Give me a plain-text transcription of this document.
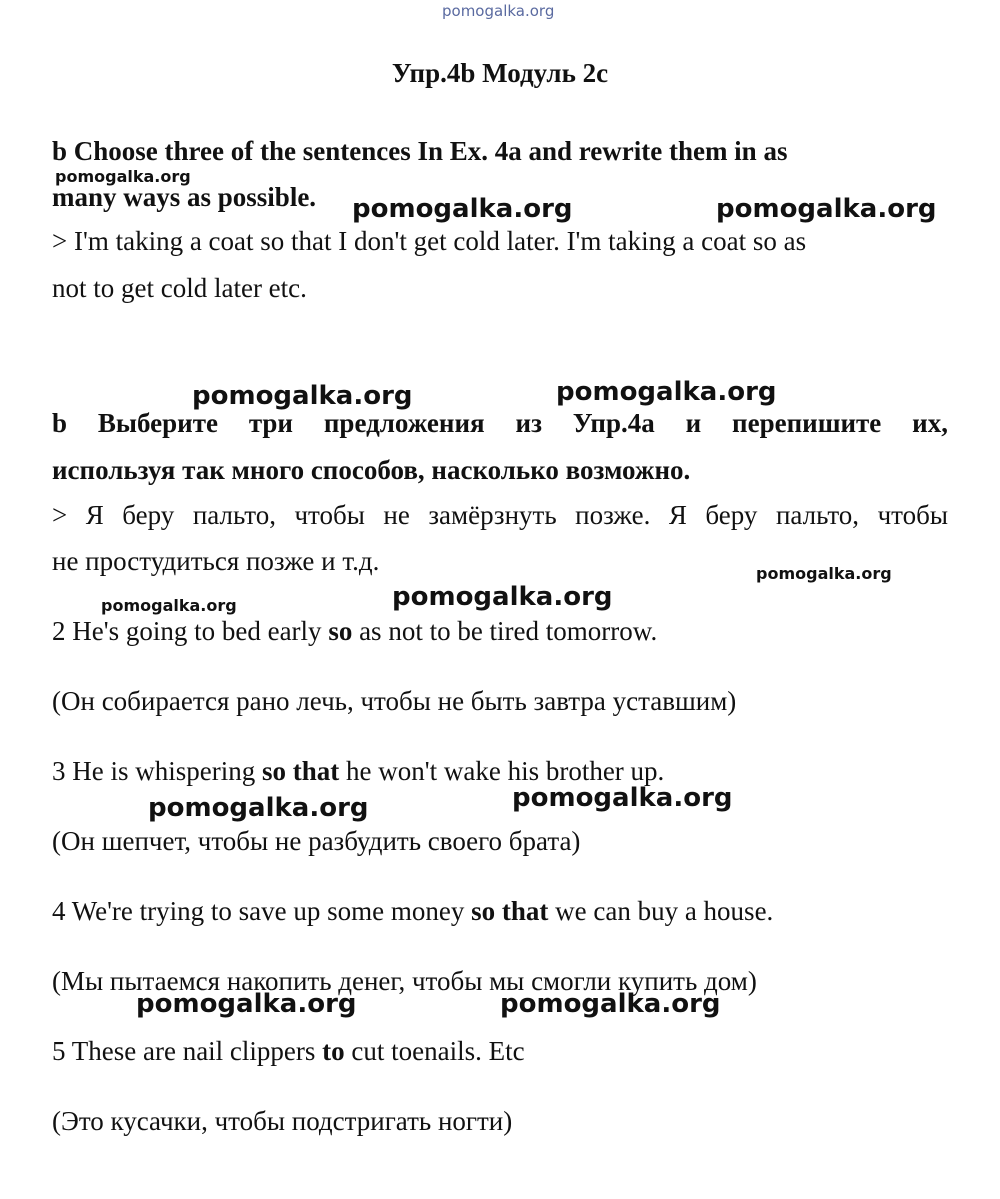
pomogalka.org
pomogalka.org
pomogalka.org	pomogalka.org
pomogalka.org	pomogalka.org
pomogalka.org
pomogalka.org	pomogalka.org
pomogalka.org	pomogalka.org
pomogalka.org	pomogalka.org
Упр.4b Модуль 2c
b Choose three of the sentences In Ex. 4a and rewrite them in as
many ways as possible.
> I'm taking a coat so that I don't get cold later. I'm taking a coat so as
not to get cold later etc.
b Выберите три предложения из Упр.4а и перепишите их,
используя так много способов, насколько возможно.
> Я беру пальто, чтобы не замёрзнуть позже. Я беру пальто, чтобы
не простудиться позже и т.д.
2 He's going to bed early so as not to be tired tomorrow.
(Он собирается рано лечь, чтобы не быть завтра уставшим)
3 He is whispering so that he won't wake his brother up.
(Он шепчет, чтобы не разбудить своего брата)
4 We're trying to save up some money so that we can buy a house.
(Мы пытаемся накопить денег, чтобы мы смогли купить дом)
5 These are nail clippers to cut toenails. Etc
(Это кусачки, чтобы подстригать ногти)
